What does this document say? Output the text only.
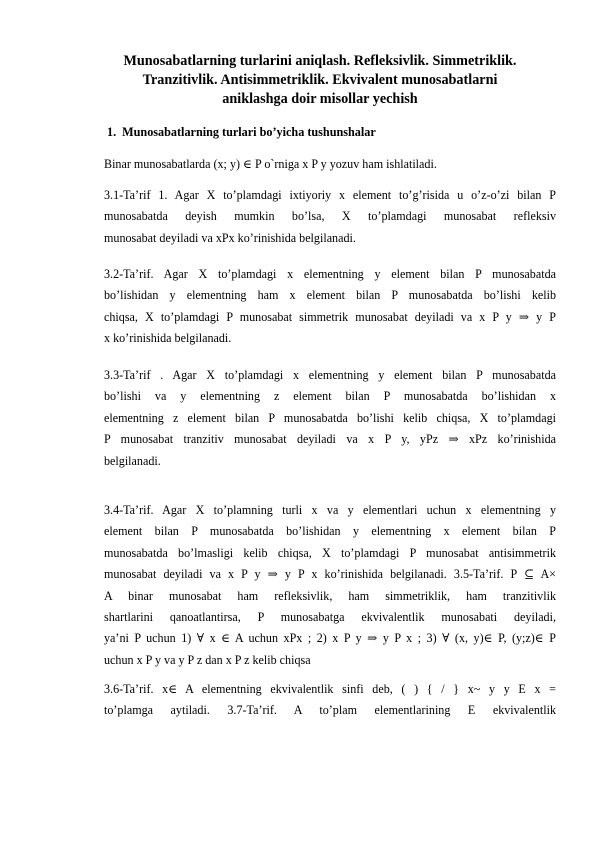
Munosabatlarning turlarini aniqlash. Refleksivlik. Simmetriklik.
Tranzitivlik. Antisimmetriklik. Ekvivalent munosabatlarni
aniklashga doir misollar yechish
1. Munosabatlarning turlari bo’yicha tushunshalar

Binar munosabatlarda (x; y) ∈ P o`rniga x P y yozuv ham ishlatiladi.

3.1-Ta’rif 1. Agar X to’plamdagi ixtiyoriy x element to’g’risida u o’z-o’zi bilan P
munosabatda deyish mumkin bo’lsa, X to’plamdagi munosabat refleksiv
munosabat deyiladi va xPx ko’rinishida belgilanadi.

3.2-Ta’rif. Agar X to’plamdagi x elementning y element bilan P munosabatda
bo’lishidan y elementning ham x element bilan P munosabatda bo’lishi kelib
chiqsa, X to’plamdagi P munosabat simmetrik munosabat deyiladi va x P y ⇒ y P
x ko’rinishida belgilanadi.

3.3-Ta’rif . Agar X to’plamdagi x elementning y element bilan P munosabatda
bo’lishi va y elementning z element bilan P munosabatda bo’lishidan x
elementning z element bilan P munosabatda bo’lishi kelib chiqsa, X to’plamdagi
P munosabat tranzitiv munosabat deyiladi va x P y, yPz ⇒ xPz ko’rinishida
belgilanadi.

3.4-Ta’rif. Agar X to’plamning turli x va y elementlari uchun x elementning y
element bilan P munosabatda bo’lishidan y elementning x element bilan P
munosabatda bo’lmasligi kelib chiqsa, X to’plamdagi P munosabat antisimmetrik
munosabat deyiladi va x P y ⇒ y P x ko’rinishida belgilanadi. 3.5-Ta’rif. P ⊆ A×
A binar munosabat ham refleksivlik, ham simmetriklik, ham tranzitivlik
shartlarini qanoatlantirsa, P munosabatga ekvivalentlik munosabati deyiladi,
ya’ni P uchun 1) ∀ x ∈ A uchun xPx ; 2) x P y ⇒ y P x ; 3) ∀ (x, y)∈ P, (y;z)∈ P
uchun x P y va y P z dan x P z kelib chiqsa

3.6-Ta’rif. x∈ A elementning ekvivalentlik sinfi deb, ( ) { / } x~ y y E x =
to’plamga aytiladi. 3.7-Ta’rif. A to’plam elementlarining E ekvivalentlik
